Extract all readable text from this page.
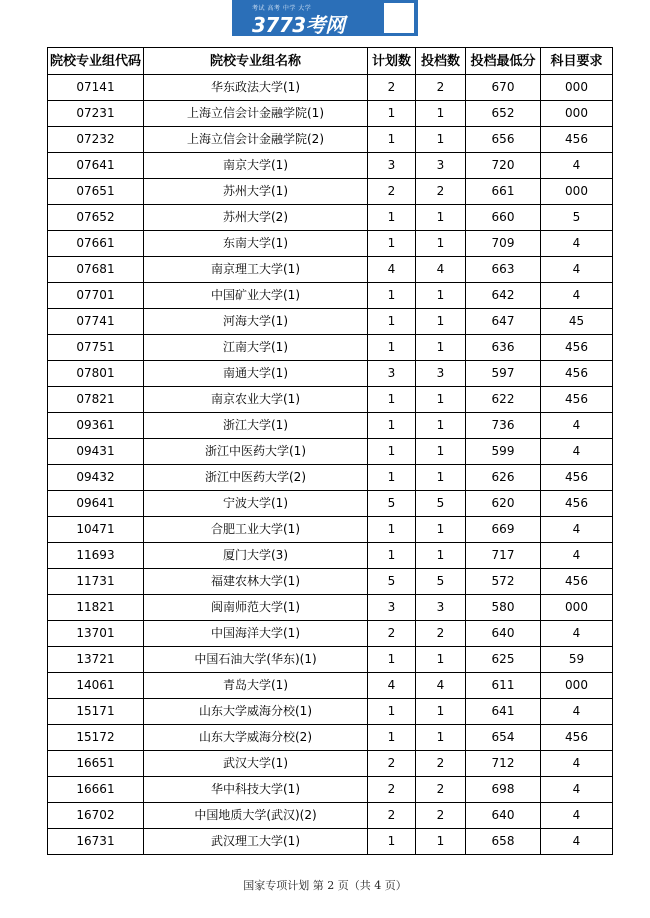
考试 高考 中学 大学
3773考网
院校专业组代码	院校专业组名称	计划数	投档数	投档最低分	科目要求
07141	华东政法大学(1)	2	2	670	000
07231	上海立信会计金融学院(1)	1	1	652	000
07232	上海立信会计金融学院(2)	1	1	656	456
07641	南京大学(1)	3	3	720	4
07651	苏州大学(1)	2	2	661	000
07652	苏州大学(2)	1	1	660	5
07661	东南大学(1)	1	1	709	4
07681	南京理工大学(1)	4	4	663	4
07701	中国矿业大学(1)	1	1	642	4
07741	河海大学(1)	1	1	647	45
07751	江南大学(1)	1	1	636	456
07801	南通大学(1)	3	3	597	456
07821	南京农业大学(1)	1	1	622	456
09361	浙江大学(1)	1	1	736	4
09431	浙江中医药大学(1)	1	1	599	4
09432	浙江中医药大学(2)	1	1	626	456
09641	宁波大学(1)	5	5	620	456
10471	合肥工业大学(1)	1	1	669	4
11693	厦门大学(3)	1	1	717	4
11731	福建农林大学(1)	5	5	572	456
11821	闽南师范大学(1)	3	3	580	000
13701	中国海洋大学(1)	2	2	640	4
13721	中国石油大学(华东)(1)	1	1	625	59
14061	青岛大学(1)	4	4	611	000
15171	山东大学威海分校(1)	1	1	641	4
15172	山东大学威海分校(2)	1	1	654	456
16651	武汉大学(1)	2	2	712	4
16661	华中科技大学(1)	2	2	698	4
16702	中国地质大学(武汉)(2)	2	2	640	4
16731	武汉理工大学(1)	1	1	658	4
国家专项计划 第 2 页（共 4 页）
